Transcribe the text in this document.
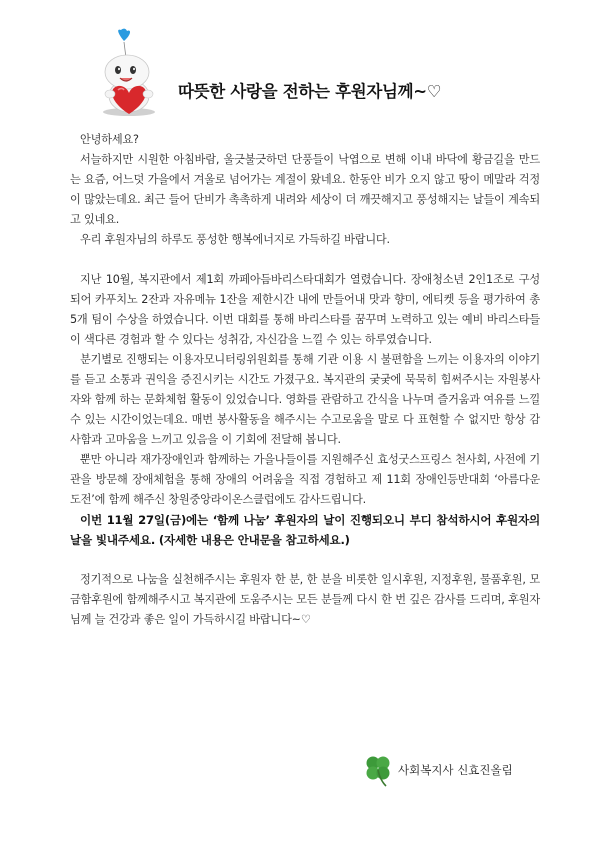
따뜻한 사랑을 전하는 후원자님께~♡

안녕하세요?

서늘하지만 시원한 아침바람, 울긋불긋하던 단풍들이 낙엽으로 변해 이내 바닥에 황금길을 만드는 요즘, 어느덧 가을에서 겨울로 넘어가는 계절이 왔네요. 한동안 비가 오지 않고 땅이 메말라 걱정이 많았는데요. 최근 들어 단비가 촉촉하게 내려와 세상이 더 깨끗해지고 풍성해지는 날들이 계속되고 있네요.

우리 후원자님의 하루도 풍성한 행복에너지로 가득하길 바랍니다.

지난 10월, 복지관에서 제1회 까페아듬바리스타대회가 열렸습니다. 장애청소년 2인1조로 구성되어 카푸치노 2잔과 자유메뉴 1잔을 제한시간 내에 만들어내 맛과 향미, 에티켓 등을 평가하여 총 5개 팀이 수상을 하였습니다. 이번 대회를 통해 바리스타를 꿈꾸며 노력하고 있는 예비 바리스타들이 색다른 경험과 할 수 있다는 성취감, 자신감을 느낄 수 있는 하루였습니다.

분기별로 진행되는 이용자모니터링위원회를 통해 기관 이용 시 불편함을 느끼는 이용자의 이야기를 듣고 소통과 권익을 증진시키는 시간도 가졌구요. 복지관의 궂궂에 묵묵히 힘써주시는 자원봉사자와 함께 하는 문화체험 활동이 있었습니다. 영화를 관람하고 간식을 나누며 즐거움과 여유를 느낄 수 있는 시간이었는데요. 매번 봉사활동을 해주시는 수고로움을 말로 다 표현할 수 없지만 항상 감사함과 고마움을 느끼고 있음을 이 기회에 전달해 봅니다.

뿐만 아니라 재가장애인과 함께하는 가을나들이를 지원해주신 효성굿스프링스 천사회, 사전에 기관을 방문해 장애체험을 통해 장애의 어려움을 직접 경험하고 제 11회 장애인등반대회 ‘아름다운 도전’에 함께 해주신 창원중앙라이온스클럽에도 감사드립니다.

이번 11월 27일(금)에는 ‘함께 나눔’ 후원자의 날이 진행되오니 부디 참석하시어 후원자의 날을 빛내주세요. (자세한 내용은 안내문을 참고하세요.)

정기적으로 나눔을 실천해주시는 후원자 한 분, 한 분을 비롯한 일시후원, 지정후원, 물품후원, 모금함후원에 함께해주시고 복지관에 도움주시는 모든 분들께 다시 한 번 깊은 감사를 드리며, 후원자님께 늘 건강과 좋은 일이 가득하시길 바랍니다~♡

사회복지사 신효진올림
